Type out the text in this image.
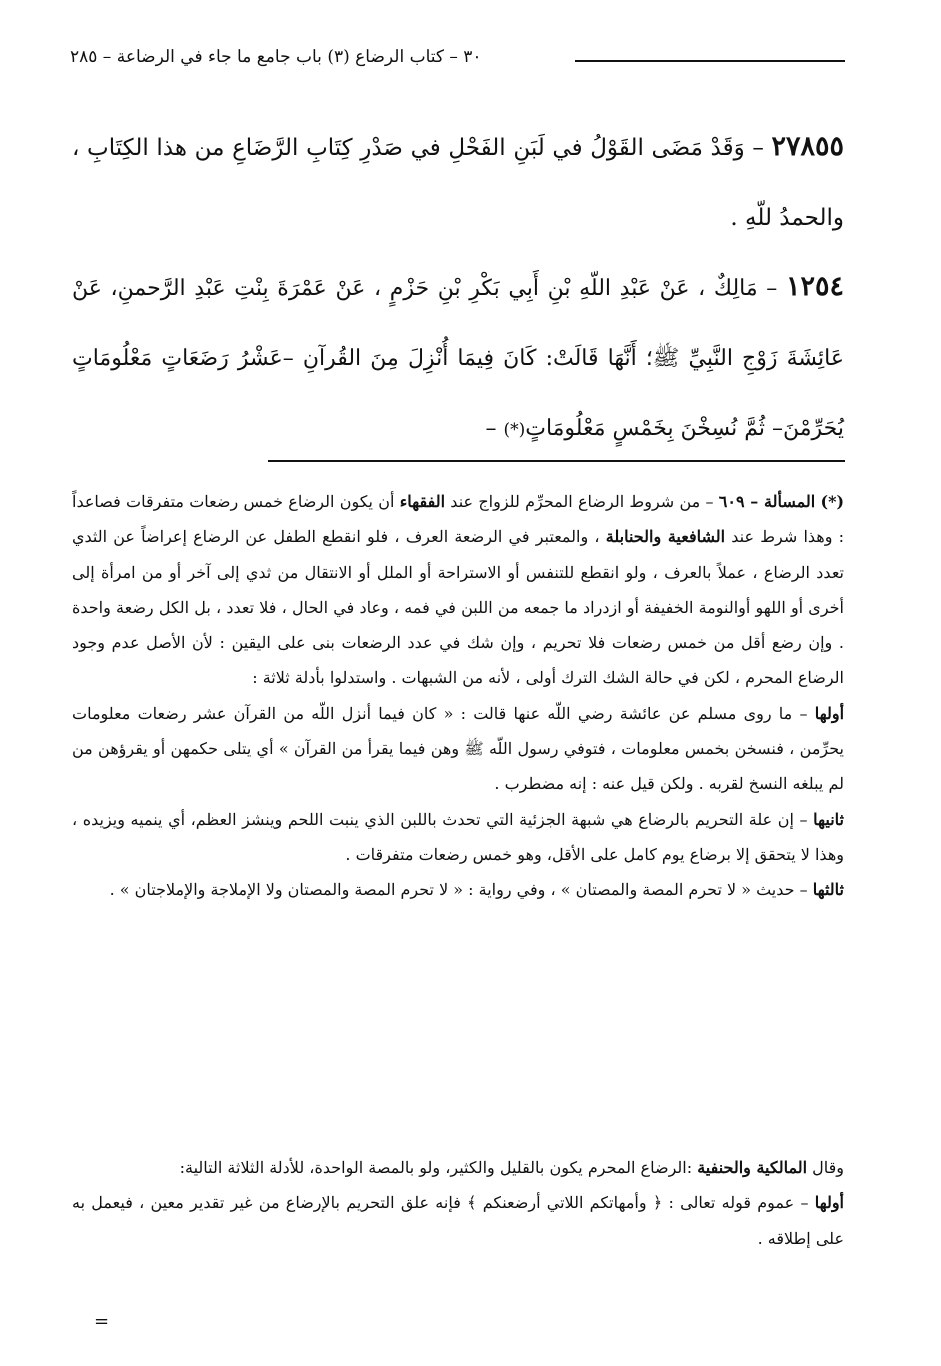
٣٠ – كتاب الرضاع (٣) باب جامع ما جاء في الرضاعة – ٢٨٥
٢٧٨٥٥ – وَقَدْ مَضَى القَوْلُ في لَبَنِ الفَحْلِ في صَدْرِ كِتَابِ الرَّضَاعِ من هذا الكِتَابِ ، والحمدُ للّهِ .
١٢٥٤ – مَالِكٌ ، عَنْ عَبْدِ اللّهِ بْنِ أَبِي بَكْرِ بْنِ حَزْمٍ ، عَنْ عَمْرَةَ بِنْتِ عَبْدِ الرَّحمنِ، عَنْ عَائِشَةَ زَوْجِ النَّبِيِّ ﷺ؛ أَنَّهَا قَالَتْ: كَانَ فِيمَا أُنْزِلَ مِنَ القُرآنِ –عَشْرُ رَضَعَاتٍ مَعْلُومَاتٍ يُحَرِّمْنَ– ثُمَّ نُسِخْنَ بِخَمْسٍ مَعْلُومَاتٍ(*) –

(*) المسألة – ٦٠٩ – من شروط الرضاع المحرِّم للزواج عند الفقهاء أن يكون الرضاع خمس رضعات متفرقات فصاعداً : وهذا شرط عند الشافعية والحنابلة ، والمعتبر في الرضعة العرف ، فلو انقطع الطفل عن الرضاع إعراضاً عن الثدي تعدد الرضاع ، عملاً بالعرف ، ولو انقطع للتنفس أو الاستراحة أو الملل أو الانتقال من ثدي إلى آخر أو من امرأة إلى أخرى أو اللهو أوالنومة الخفيفة أو ازدراد ما جمعه من اللبن في فمه ، وعاد في الحال ، فلا تعدد ، بل الكل رضعة واحدة . وإن رضع أقل من خمس رضعات فلا تحريم ، وإن شك في عدد الرضعات بنى على اليقين : لأن الأصل عدم وجود الرضاع المحرم ، لكن في حالة الشك الترك أولى ، لأنه من الشبهات . واستدلوا بأدلة ثلاثة :

أولها – ما روى مسلم عن عائشة رضي اللّه عنها قالت : « كان فيما أنزل اللّه من القرآن عشر رضعات معلومات يحرِّمن ، فنسخن بخمس معلومات ، فتوفي رسول اللّه ﷺ وهن فيما يقرأ من القرآن » أي يتلى حكمهن أو يقرؤهن من لم يبلغه النسخ لقربه . ولكن قيل عنه : إنه مضطرب .

ثانيها – إن علة التحريم بالرضاع هي شبهة الجزئية التي تحدث باللبن الذي ينبت اللحم وينشز العظم، أي ينميه ويزيده ، وهذا لا يتحقق إلا برضاع يوم كامل على الأقل، وهو خمس رضعات متفرقات .

ثالثها – حديث « لا تحرم المصة والمصتان » ، وفي رواية : « لا تحرم المصة والمصتان ولا الإملاجة والإملاجتان » .

وقال المالكية والحنفية :الرضاع المحرم يكون بالقليل والكثير، ولو بالمصة الواحدة، للأدلة الثلاثة التالية:

أولها – عموم قوله تعالى : ﴿ وأمهاتكم اللاتي أرضعنكم ﴾ فإنه علق التحريم بالإرضاع من غير تقدير معين ، فيعمل به على إطلاقه .

=
